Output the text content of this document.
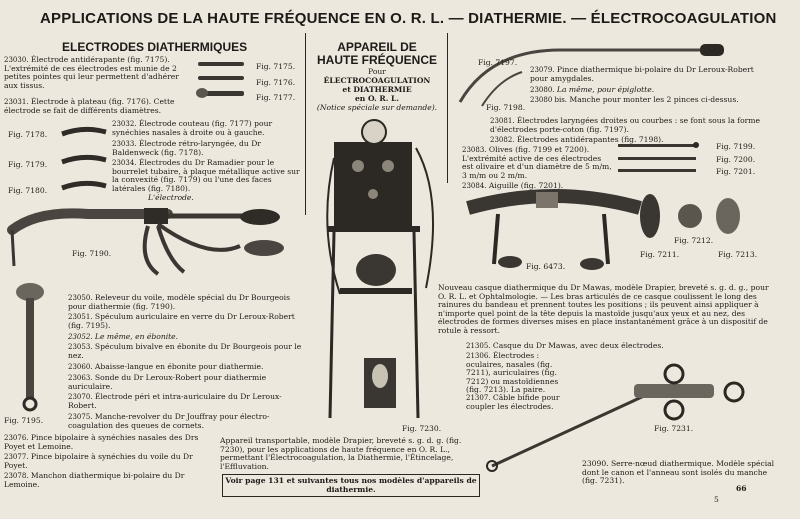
APPLICATIONS DE LA HAUTE FRÉQUENCE EN O. R. L. — DIATHERMIE. — ÉLECTROCOAGULATION
ELECTRODES DIATHERMIQUES
23030. Électrode antidérapante (fig. 7175). L'extrémité de ces électrodes est munie de 2 petites pointes qui leur permettent d'adhérer aux tissus.
23031. Électrode à plateau (fig. 7176). Cette électrode se fait de différents diamètres.
Fig. 7175.
Fig. 7176.
Fig. 7177.
Fig. 7178.
Fig. 7179.
Fig. 7180.
23032. Électrode couteau (fig. 7177) pour synéchies nasales à droite ou à gauche.
23033. Électrode rétro-laryngée, du Dr Baldenweck (fig. 7178).
23034. Électrodes du Dr Ramadier pour le bourrelet tubaire, à plaque métallique active sur la convexité (fig. 7179) ou l'une des faces latérales (fig. 7180).
L'électrode.
Fig. 7190.
Fig. 7195.
23050. Releveur du voile, modèle spécial du Dr Bourgeois pour diathermie (fig. 7190).
23051. Spéculum auriculaire en verre du Dr Leroux-Robert (fig. 7195).
23052. Le même, en ébonite.
23053. Spéculum bivalve en ébonite du Dr Bourgeois pour le nez.
23060. Abaisse-langue en ébonite pour diathermie.
23063. Sonde du Dr Leroux-Robert pour diathermie auriculaire.
23070. Électrode péri et intra-auriculaire du Dr Leroux-Robert.
23075. Manche-revolver du Dr Jouffray pour électro-coagulation des queues de cornets.
23076. Pince bipolaire à synéchies nasales des Drs Poyet et Lemoine.
23077. Pince bipolaire à synéchies du voile du Dr Poyet.
23078. Manchon diathermique bi-polaire du Dr Lemoine.
APPAREIL DE
HAUTE FRÉQUENCE
Pour
ÉLECTROCOAGULATION
et DIATHERMIE
en O. R. L.
(Notice spéciale sur demande).
Fig. 7230.
Appareil transportable, modèle Drapier, breveté s. g. d. g. (fig. 7230), pour les applications de haute fréquence en O. R. L., permettant l'Électrocoagulation, la Diathermie, l'Étincelage, l'Effluvation.
Voir page 131 et suivantes tous nos modèles d'appareils de diathermie.
Fig. 7197.
Fig. 7198.
23079. Pince diathermique bi-polaire du Dr Leroux-Robert pour amygdales.
23080. La même, pour épiglotte.
23080 bis. Manche pour monter les 2 pinces ci-dessus.
23081. Électrodes laryngées droites ou courbes : se font sous la forme d'électrodes porte-coton (fig. 7197).
23082. Électrodes antidérapantes (fig. 7198).
23083. Olives (fig. 7199 et 7200). L'extrémité active de ces électrodes est olivaire et d'un diamètre de 5 m/m, 3 m/m ou 2 m/m.
23084. Aiguille (fig. 7201).
Fig. 7199.
Fig. 7200.
Fig. 7201.
Fig. 6473.
Fig. 7212.
Fig. 7211.	Fig. 7213.
Nouveau casque diathermique du Dr Mawas, modèle Drapier, breveté s. g. d. g., pour O. R. L. et Ophtalmologie. — Les bras articulés de ce casque coulissent le long des rainures du bandeau et prennent toutes les positions ; ils peuvent ainsi appliquer à n'importe quel point de la tête depuis la mastoïde jusqu'aux yeux et au nez, des électrodes de formes diverses mises en place instantanément grâce à un dispositif de rotule à ressort.
21305. Casque du Dr Mawas, avec deux électrodes.
21306. Électrodes : oculaires, nasales (fig. 7211), auriculaires (fig. 7212) ou mastoïdiennes (fig. 7213). La paire.
21307. Câble bifide pour coupler les électrodes.
Fig. 7231.
23090. Serre-nœud diathermique. Modèle spécial dont le canon et l'anneau sont isolés du manche (fig. 7231).
66
5
